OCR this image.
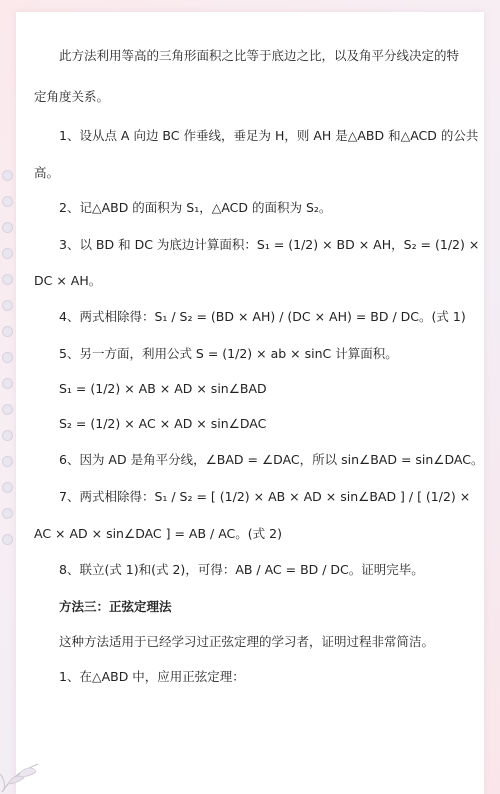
　　此方法利用等高的三角形面积之比等于底边之比，以及角平分线决定的特
定角度关系。
　　1、设从点 A 向边 BC 作垂线，垂足为 H，则 AH 是△ABD 和△ACD 的公共
高。
　　2、记△ABD 的面积为 S₁，△ACD 的面积为 S₂。
　　3、以 BD 和 DC 为底边计算面积：S₁ = (1/2) × BD × AH，S₂ = (1/2) ×
DC × AH。
　　4、两式相除得：S₁ / S₂ = (BD × AH) / (DC × AH) = BD / DC。(式 1)
　　5、另一方面，利用公式 S = (1/2) × ab × sinC 计算面积。
　　S₁ = (1/2) × AB × AD × sin∠BAD
　　S₂ = (1/2) × AC × AD × sin∠DAC
　　6、因为 AD 是角平分线，∠BAD = ∠DAC，所以 sin∠BAD = sin∠DAC。
　　7、两式相除得：S₁ / S₂ = [ (1/2) × AB × AD × sin∠BAD ] / [ (1/2) ×
AC × AD × sin∠DAC ] = AB / AC。(式 2)
　　8、联立(式 1)和(式 2)，可得：AB / AC = BD / DC。证明完毕。
　　方法三：正弦定理法
　　这种方法适用于已经学习过正弦定理的学习者，证明过程非常简洁。
　　1、在△ABD 中，应用正弦定理：
